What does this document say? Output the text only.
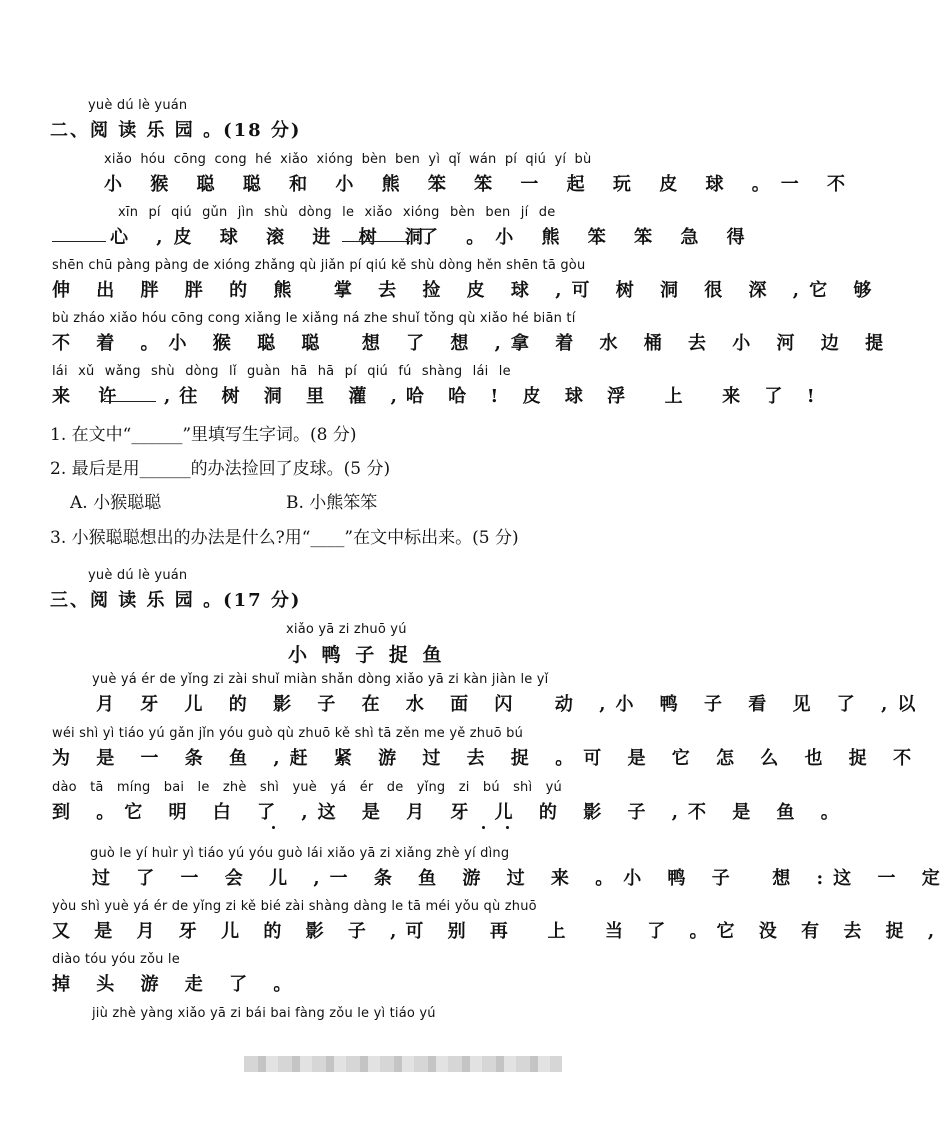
yuè dú lè yuán
二、阅 读 乐 园 。(18 分)
xiǎo hóu cōng cong hé xiǎo xióng bèn ben yì qǐ wán pí qiú yí bù
小 猴 聪 聪 和 小 熊 笨 笨 一 起 玩 皮 球 。一 不
xīn pí qiú gǔn jìn shù dòng le xiǎo xióng bèn ben jí de
心 ,皮 球 滚 进 树 洞
了 。小 熊 笨 笨 急 得
shēn chū pàng pàng de xióng zhǎng qù jiǎn pí qiú kě shù dòng hěn shēn tā gòu
伸 出 胖 胖 的 熊  掌 去 捡 皮 球 ,可 树 洞 很 深 ,它 够
bù zháo xiǎo hóu cōng cong xiǎng le xiǎng ná zhe shuǐ tǒng qù xiǎo hé biān tí
不 着 。小 猴 聪 聪  想 了 想 ,拿 着 水 桶 去 小 河 边 提
lái xǔ wǎng shù dòng lǐ guàn hā hā pí qiú fú shàng lái le
来 许 ,往 树 洞 里 灌 ,哈 哈 ! 皮 球 浮  上  来 了 !
1. 在文中“______”里填写生字词。(8 分)
2. 最后是用______的办法捡回了皮球。(5 分)
A. 小猴聪聪	B. 小熊笨笨
3. 小猴聪聪想出的办法是什么?用“____”在文中标出来。(5 分)
yuè dú lè yuán
三、阅 读 乐 园 。(17 分)
xiǎo yā zi zhuō yú
小 鸭 子 捉 鱼
yuè yá ér de yǐng zi zài shuǐ miàn shǎn dòng xiǎo yā zi kàn jiàn le yǐ
月 牙 儿 的 影 子 在 水 面 闪  动 ,小 鸭 子 看 见 了 ,以
wéi shì yì tiáo yú gǎn jǐn yóu guò qù zhuō kě shì tā zěn me yě zhuō bú
为 是 一 条 鱼 ,赶 紧 游 过 去 捉 。可 是 它 怎 么 也 捉 不
dào tā míng bai le zhè shì yuè yá ér de yǐng zi bú shì yú
到 。它 明 白 了 ,这 是 月 牙 儿 的 影 子 ,不 是 鱼 。
guò le yí huìr yì tiáo yú yóu guò lái xiǎo yā zi xiǎng zhè yí dìng
过 了 一 会 儿 ,一 条 鱼 游 过 来 。小 鸭 子  想 :这 一 定
yòu shì yuè yá ér de yǐng zi kě bié zài shàng dàng le tā méi yǒu qù zhuō
又 是 月 牙 儿 的 影 子 ,可 别 再  上  当 了 。它 没 有 去 捉 ,
diào tóu yóu zǒu le
掉 头 游 走 了 。
jiù zhè yàng xiǎo yā zi bái bai fàng zǒu le yì tiáo yú
